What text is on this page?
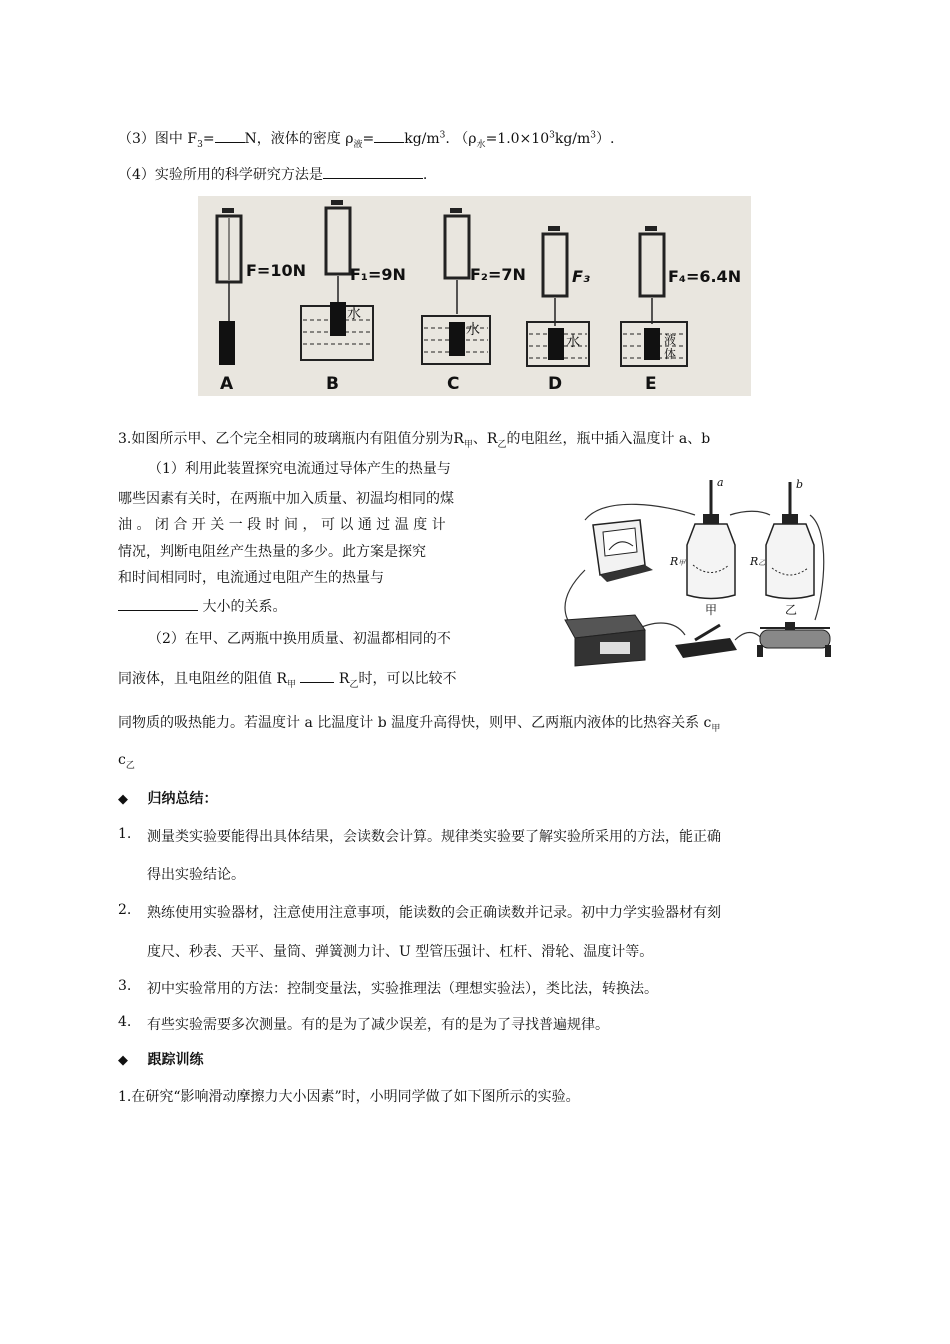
（3）图中 $F_3= N$，液体的密度 $\rho_液= kg/m^3$. $(\rho_水=1.0\times 10^3kg/m^3)$.
（4）实验所用的科学研究方法是	.
F=10N
A
水
F₁=9N
B
水
F₂=7N
C
水
F₃
D
液
体
F₄=6.4N
E
3.如图所示甲、乙个完全相同的玻璃瓶内有阻值分别为$R_甲$、$R_乙$的电阻丝，瓶中插入温度计 a、b
（1）利用此装置探究电流通过导体产生的热量与
哪些因素有关时，在两瓶中加入质量、初温均相同的煤
油 。 闭 合 开 关 一 段 时 间 ， 可 以 通 过 温 度 计
情况，判断电阻丝产生热量的多少。此方案是探究
和时间相同时，电流通过电阻产生的热量与
大小的关系。
（2）在甲、乙两瓶中换用质量、初温都相同的不
同液体，且电阻丝的阻值 $R_甲$	$R_乙$时，可以比较不
同物质的吸热能力。若温度计 a 比温度计 b 温度升高得快，则甲、乙两瓶内液体的比热容关系 $c_甲$
$c_乙$
a
R甲
甲
b
R乙
乙
◆ 归纳总结：
1. 测量类实验要能得出具体结果，会读数会计算。规律类实验要了解实验所采用的方法，能正确
得出实验结论。
2. 熟练使用实验器材，注意使用注意事项，能读数的会正确读数并记录。初中力学实验器材有刻
度尺、秒表、天平、量筒、弹簧测力计、U 型管压强计、杠杆、滑轮、温度计等。
3. 初中实验常用的方法：控制变量法，实验推理法（理想实验法），类比法，转换法。
4. 有些实验需要多次测量。有的是为了减少误差，有的是为了寻找普遍规律。
◆ 跟踪训练
1.在研究“影响滑动摩擦力大小因素”时，小明同学做了如下图所示的实验。
